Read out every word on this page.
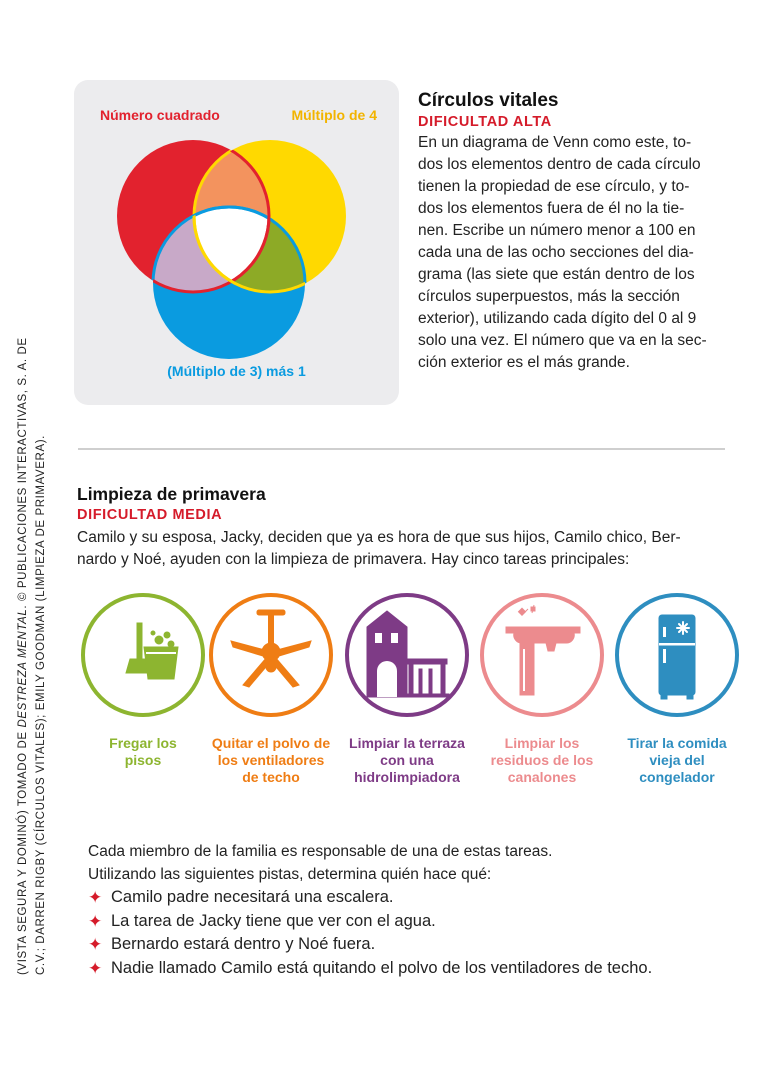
(VISTA SEGURA Y DOMINÓ) TOMADO DE DESTREZA MENTAL. © PUBLICACIONES INTERACTIVAS, S. A. DE C.V.; DARREN RIGBY (CÍRCULOS VITALES); EMILY GOODMAN (LIMPIEZA DE PRIMAVERA).
Número cuadrado	Múltiplo de 4
(Múltiplo de 3) más 1
Círculos vitales
DIFICULTAD ALTA
En un diagrama de Venn como este, to-
dos los elementos dentro de cada círculo
tienen la propiedad de ese círculo, y to-
dos los elementos fuera de él no la tie-
nen. Escribe un número menor a 100 en
cada una de las ocho secciones del dia-
grama (las siete que están dentro de los
círculos superpuestos, más la sección
exterior), utilizando cada dígito del 0 al 9
solo una vez. El número que va en la sec-
ción exterior es el más grande.
Limpieza de primavera
DIFICULTAD MEDIA
Camilo y su esposa, Jacky, deciden que ya es hora de que sus hijos, Camilo chico, Ber-
nardo y Noé, ayuden con la limpieza de primavera. Hay cinco tareas principales:
Fregar los
pisos
Quitar el polvo de
los ventiladores
de techo
Limpiar la terraza
con una
hidrolimpiadora
Limpiar los
residuos de los
canalones
Tirar la comida
vieja del
congelador
Cada miembro de la familia es responsable de una de estas tareas.
Utilizando las siguientes pistas, determina quién hace qué:
✦ Camilo padre necesitará una escalera.
✦ La tarea de Jacky tiene que ver con el agua.
✦ Bernardo estará dentro y Noé fuera.
✦ Nadie llamado Camilo está quitando el polvo de los ventiladores de techo.
